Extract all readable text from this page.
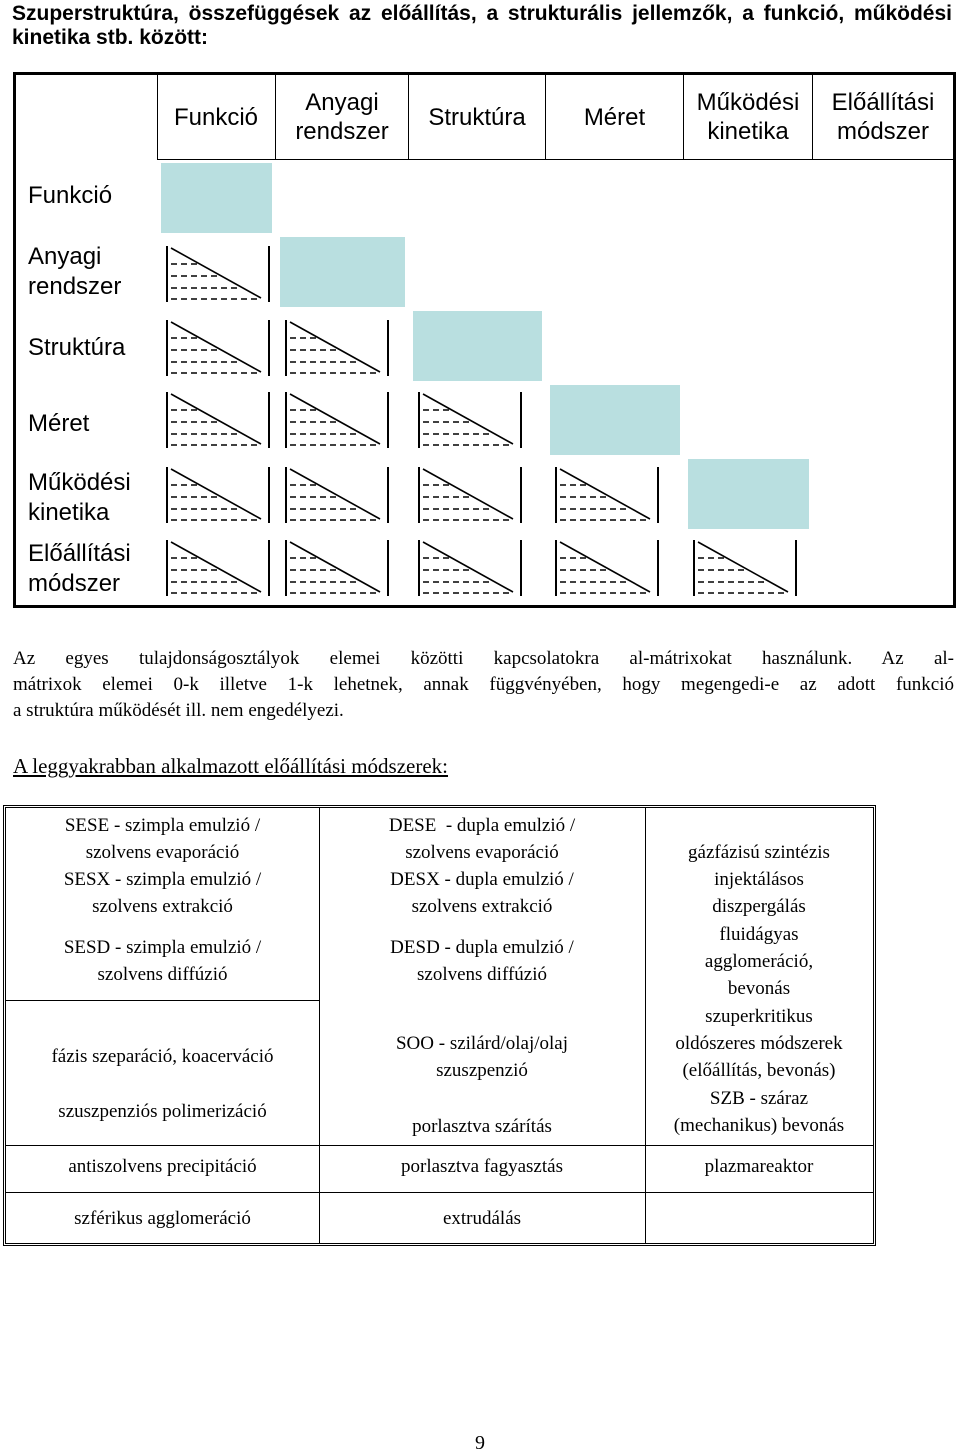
Szuperstruktúra, összefüggések az előállítás, a strukturális jellemzők, a funkció, működési
kinetika stb. között:
Funkció
Anyagi rendszer
Struktúra	Méret
Működési kinetika
Előállítási módszer
Funkció
Anyagi rendszer
Struktúra
Méret
Működési kinetika
Előállítási módszer
Az egyes tulajdonságosztályok elemei közötti kapcsolatokra al-mátrixokat használunk. Az al-
mátrixok elemei 0-k illetve 1-k lehetnek, annak függvényében, hogy megengedi-e az adott funkció
a struktúra működését ill. nem engedélyezi.
A leggyakrabban alkalmazott előállítási módszerek:
SESE - szimpla emulzió /
szolvens evaporáció
SESX - szimpla emulzió /
szolvens extrakció
SESD - szimpla emulzió /
szolvens diffúzió
fázis szeparáció, koacerváció
szuszpenziós polimerizáció
antiszolvens precipitáció
szférikus agglomeráció
DESE  - dupla emulzió /
szolvens evaporáció
DESX - dupla emulzió /
szolvens extrakció
DESD - dupla emulzió /
szolvens diffúzió
SOO - szilárd/olaj/olaj
szuszpenzió
porlasztva szárítás
porlasztva fagyasztás
extrudálás
gázfázisú szintézis
injektálásos
diszpergálás
fluidágyas
agglomeráció,
bevonás
szuperkritikus
oldószeres módszerek
(előállítás, bevonás)
SZB - száraz
(mechanikus) bevonás
plazmareaktor
9
